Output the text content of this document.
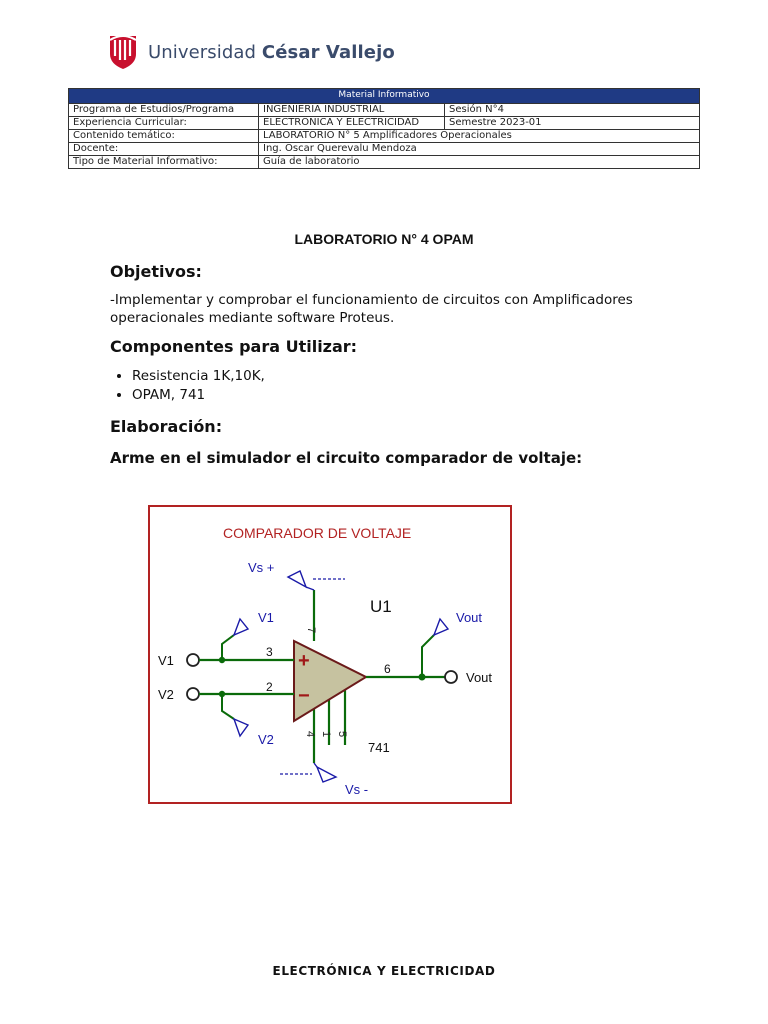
Universidad César Vallejo
Material Informativo		
Programa de Estudios/Programa	INGENIERIA INDUSTRIAL	Sesión N°4
Experiencia Curricular:	ELECTRONICA Y ELECTRICIDAD	Semestre 2023-01
Contenido temático:	LABORATORIO N° 5 Amplificadores Operacionales	
Docente:	Ing. Oscar Querevalu Mendoza	
Tipo de Material Informativo:	Guía de laboratorio	
LABORATORIO N° 4 OPAM
Objetivos:
-Implementar y comprobar el funcionamiento de circuitos con Amplificadores operacionales mediante software Proteus.
Componentes para Utilizar:
• Resistencia 1K,10K,
• OPAM, 741
Elaboración:
Arme en el simulador el circuito comparador de voltaje:
COMPARADOR DE VOLTAJE
Vs +
7
Vs -
4 1 5
+
−
U1
741
V1
V1
3
V2
V2
2
Vout
Vout
6
ELECTRÓNICA Y ELECTRICIDAD
